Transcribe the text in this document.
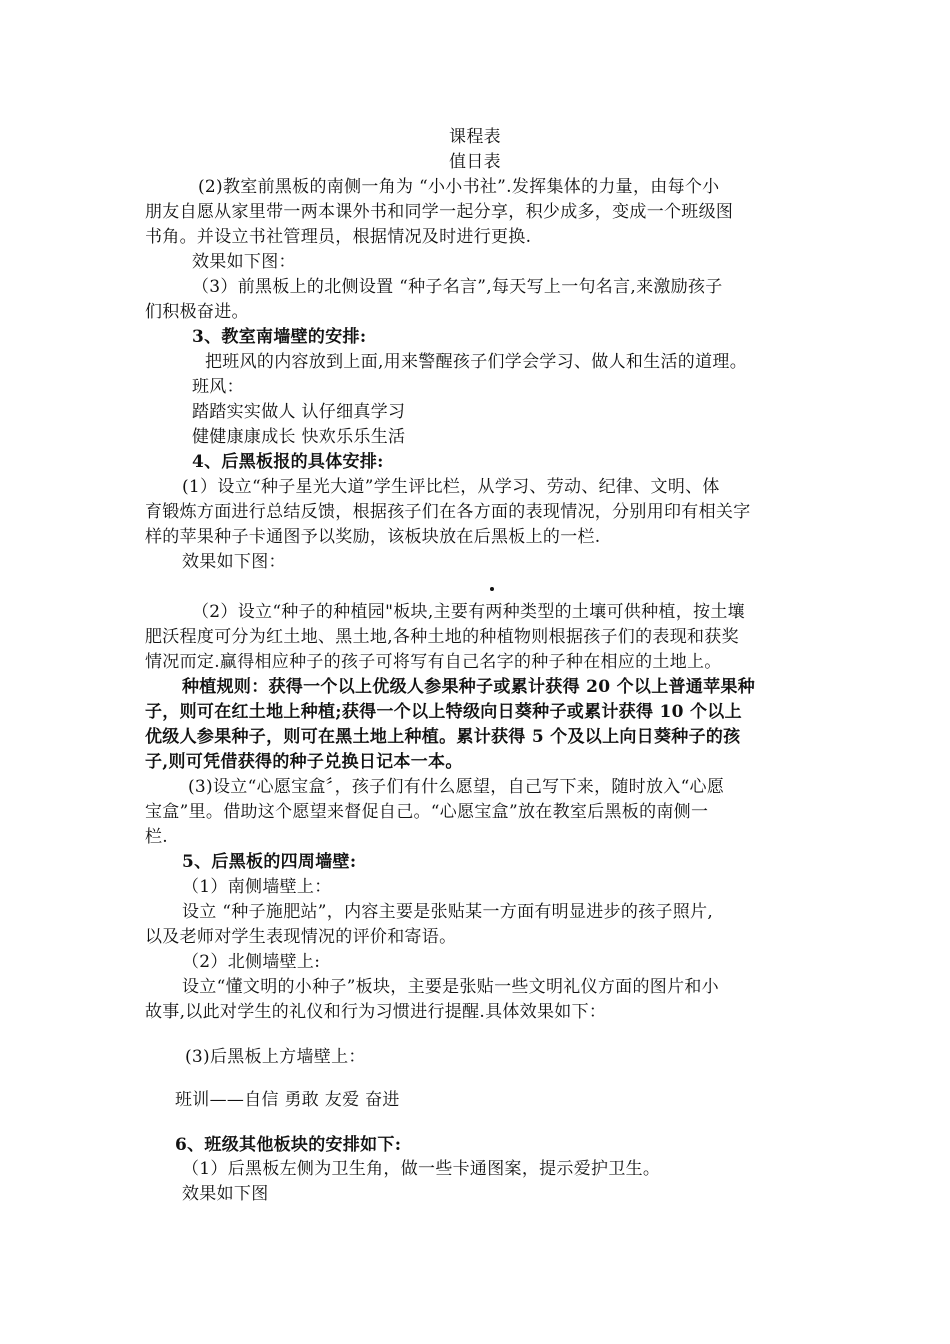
课程表
值日表
(2)教室前黑板的南侧一角为 “小小书社”.发挥集体的力量，由每个小
朋友自愿从家里带一两本课外书和同学一起分享，积少成多，变成一个班级图
书角。并设立书社管理员，根据情况及时进行更换.
效果如下图：
（3）前黑板上的北侧设置 “种子名言”,每天写上一句名言,来激励孩子
们积极奋进。
3、教室南墙壁的安排:
把班风的内容放到上面,用来警醒孩子们学会学习、做人和生活的道理。
班风：
踏踏实实做人 认仔细真学习
健健康康成长 快欢乐乐生活
4、后黑板报的具体安排:
(1）设立“种子星光大道”学生评比栏，从学习、劳动、纪律、文明、体
育锻炼方面进行总结反馈，根据孩子们在各方面的表现情况，分别用印有相关字
样的苹果种子卡通图予以奖励，该板块放在后黑板上的一栏.
效果如下图：
（2）设立“种子的种植园"板块,主要有两种类型的土壤可供种植，按土壤
肥沃程度可分为红土地、黑土地,各种土地的种植物则根据孩子们的表现和获奖
情况而定.赢得相应种子的孩子可将写有自己名字的种子种在相应的土地上。
种植规则：获得一个以上优级人参果种子或累计获得 20 个以上普通苹果种
子，则可在红土地上种植;获得一个以上特级向日葵种子或累计获得 10 个以上
优级人参果种子，则可在黑土地上种植。累计获得 5 个及以上向日葵种子的孩
子,则可凭借获得的种子兑换日记本一本。
(3)设立“心愿宝盒〞，孩子们有什么愿望，自己写下来，随时放入“心愿
宝盒”里。借助这个愿望来督促自己。“心愿宝盒”放在教室后黑板的南侧一
栏.
5、后黑板的四周墙壁:
（1）南侧墙壁上：
设立 “种子施肥站”，内容主要是张贴某一方面有明显进步的孩子照片,
以及老师对学生表现情况的评价和寄语。
（2）北侧墙壁上:
设立“懂文明的小种子”板块，主要是张贴一些文明礼仪方面的图片和小
故事,以此对学生的礼仪和行为习惯进行提醒.具体效果如下：
(3)后黑板上方墙壁上：
班训——自信 勇敢 友爱 奋进
6、班级其他板块的安排如下:
（1）后黑板左侧为卫生角，做一些卡通图案，提示爱护卫生。
效果如下图
